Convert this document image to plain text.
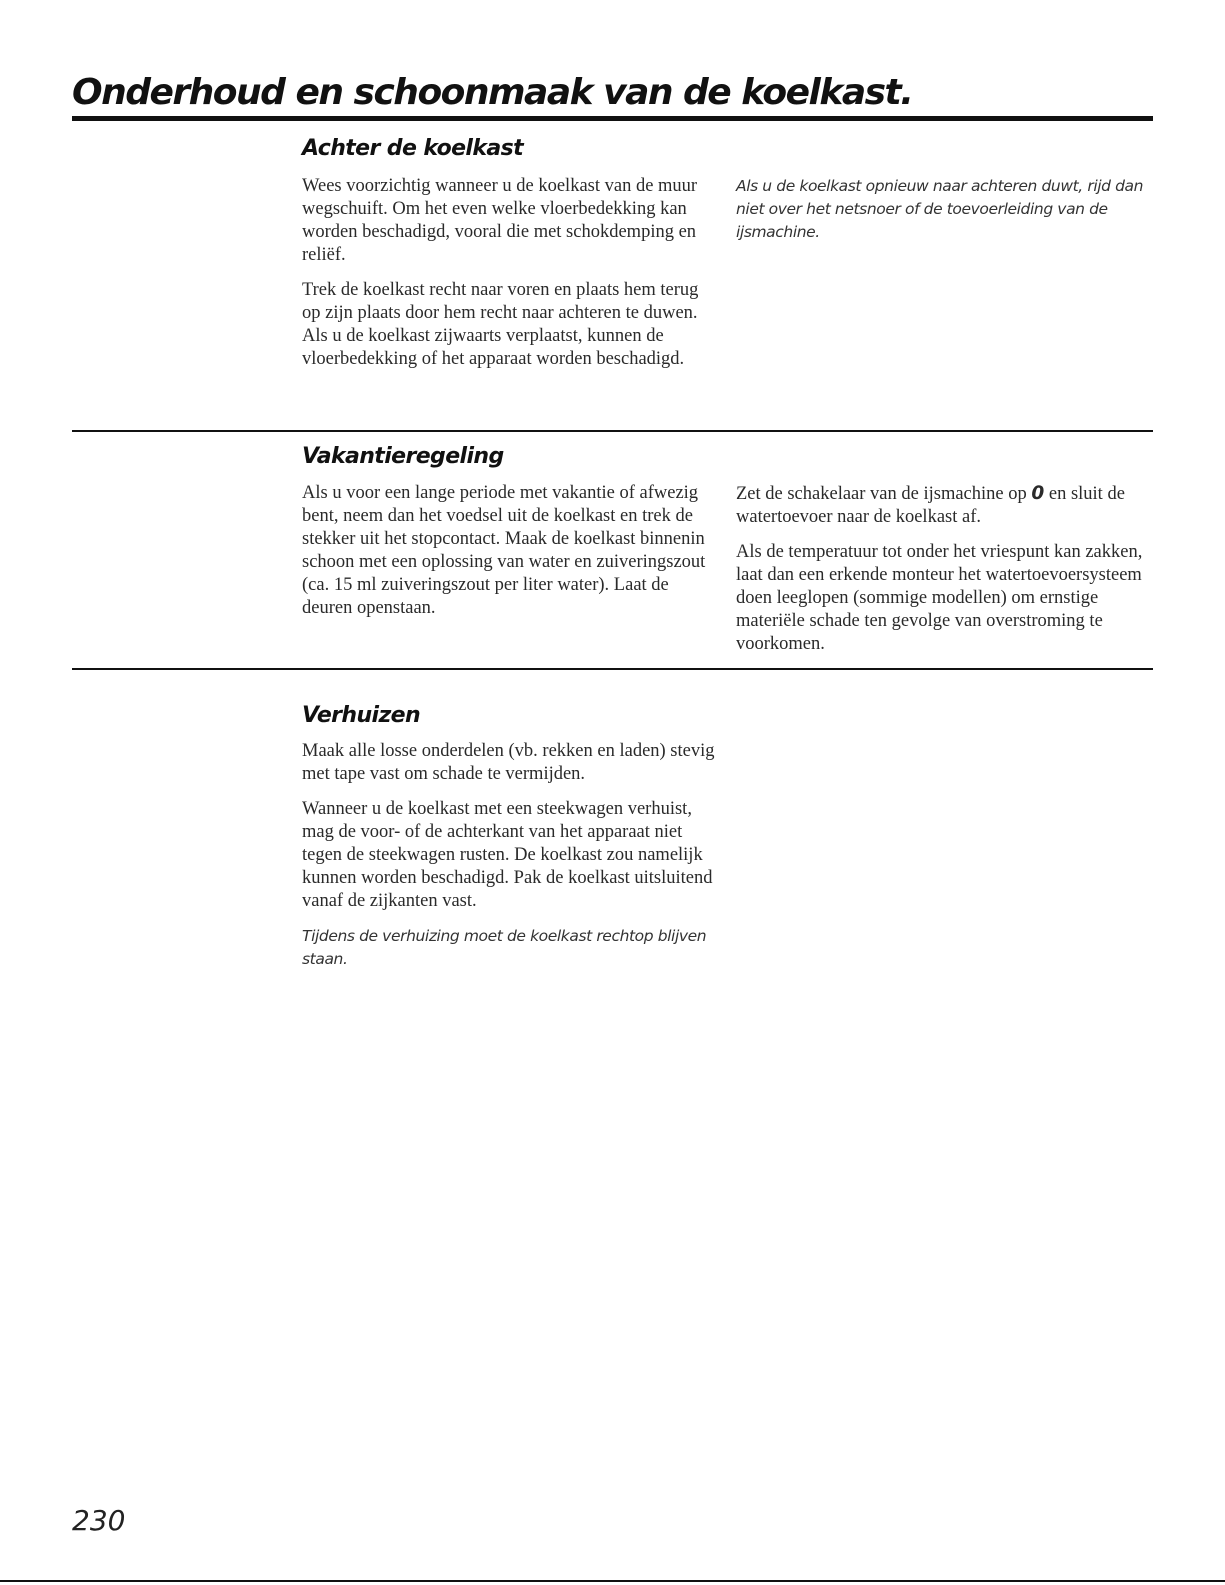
Onderhoud en schoonmaak van de koelkast.
Achter de koelkast

Wees voorzichtig wanneer u de koelkast van de muur wegschuift. Om het even welke vloerbedekking kan worden beschadigd, vooral die met schokdemping en reliëf.

Trek de koelkast recht naar voren en plaats hem terug op zijn plaats door hem recht naar achteren te duwen. Als u de koelkast zijwaarts verplaatst, kunnen de vloerbedekking of het apparaat worden beschadigd.

Als u de koelkast opnieuw naar achteren duwt, rijd dan niet over het netsnoer of de toevoerleiding van de ijsmachine.

Vakantieregeling

Als u voor een lange periode met vakantie of afwezig bent, neem dan het voedsel uit de koelkast en trek de stekker uit het stopcontact. Maak de koelkast binnenin schoon met een oplossing van water en zuiveringszout (ca. 15 ml zuiveringszout per liter water). Laat de deuren openstaan.

Zet de schakelaar van de ijsmachine op 0 en sluit de watertoevoer naar de koelkast af.

Als de temperatuur tot onder het vriespunt kan zakken, laat dan een erkende monteur het watertoevoersysteem doen leeglopen (sommige modellen) om ernstige materiële schade ten gevolge van overstroming te voorkomen.

Verhuizen

Maak alle losse onderdelen (vb. rekken en laden) stevig met tape vast om schade te vermijden.

Wanneer u de koelkast met een steekwagen verhuist, mag de voor- of de achterkant van het apparaat niet tegen de steekwagen rusten. De koelkast zou namelijk kunnen worden beschadigd. Pak de koelkast uitsluitend vanaf de zijkanten vast.

Tijdens de verhuizing moet de koelkast rechtop blijven staan.

230
